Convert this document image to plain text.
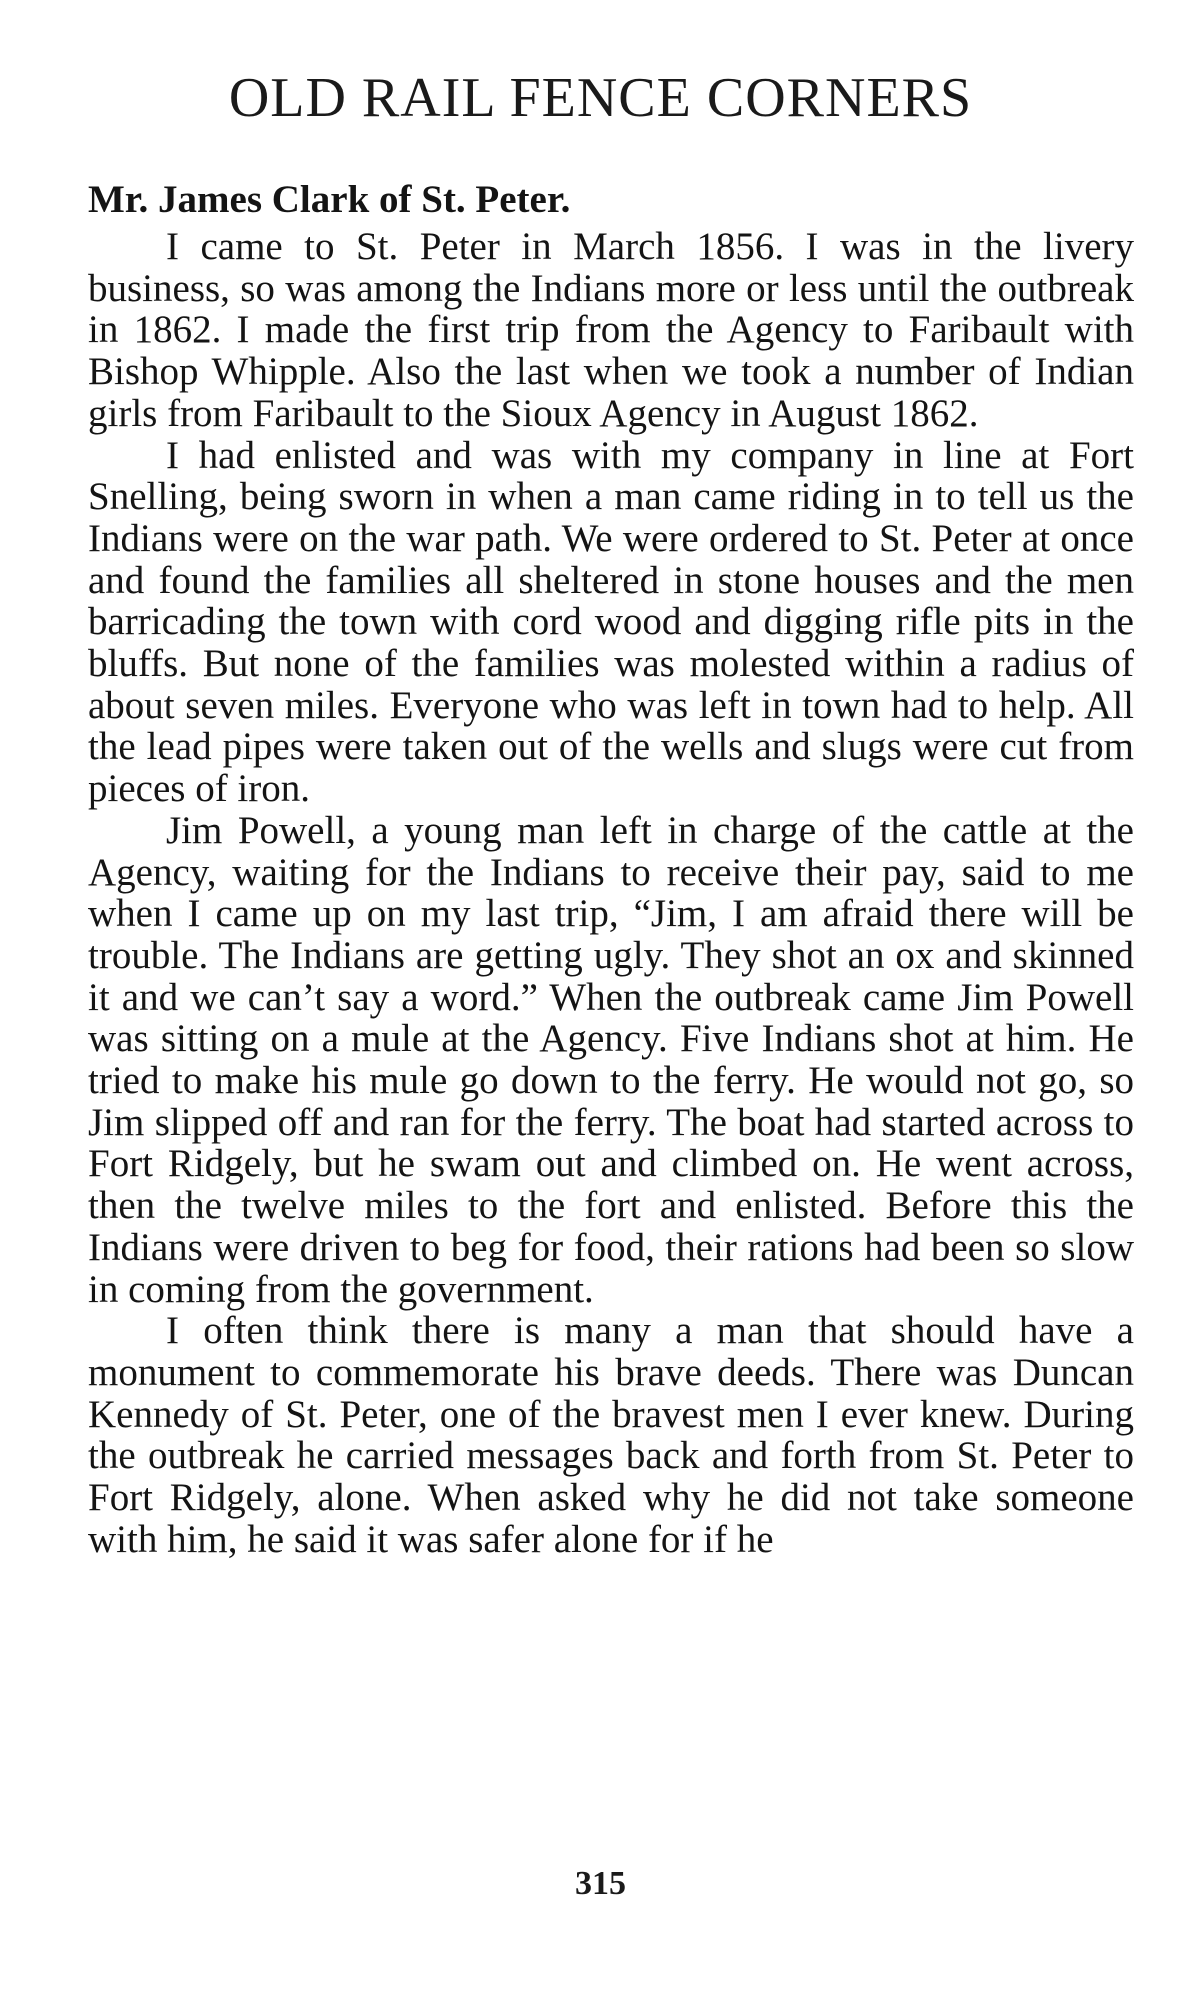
OLD RAIL FENCE CORNERS
Mr. James Clark of St. Peter.

I came to St. Peter in March 1856. I was in the livery business, so was among the Indians more or less until the outbreak in 1862. I made the first trip from the Agency to Faribault with Bishop Whipple. Also the last when we took a number of Indian girls from Faribault to the Sioux Agency in August 1862.

I had enlisted and was with my company in line at Fort Snelling, being sworn in when a man came riding in to tell us the Indians were on the war path. We were ordered to St. Peter at once and found the families all sheltered in stone houses and the men barricading the town with cord wood and digging rifle pits in the bluffs. But none of the families was molested within a radius of about seven miles. Everyone who was left in town had to help. All the lead pipes were taken out of the wells and slugs were cut from pieces of iron.

Jim Powell, a young man left in charge of the cattle at the Agency, waiting for the Indians to receive their pay, said to me when I came up on my last trip, “Jim, I am afraid there will be trouble. The Indians are getting ugly. They shot an ox and skinned it and we can’t say a word.” When the outbreak came Jim Powell was sitting on a mule at the Agency. Five Indians shot at him. He tried to make his mule go down to the ferry. He would not go, so Jim slipped off and ran for the ferry. The boat had started across to Fort Ridgely, but he swam out and climbed on. He went across, then the twelve miles to the fort and enlisted. Before this the Indians were driven to beg for food, their rations had been so slow in coming from the government.

I often think there is many a man that should have a monument to commemorate his brave deeds. There was Duncan Kennedy of St. Peter, one of the bravest men I ever knew. During the outbreak he carried messages back and forth from St. Peter to Fort Ridgely, alone. When asked why he did not take someone with him, he said it was safer alone for if he

315
